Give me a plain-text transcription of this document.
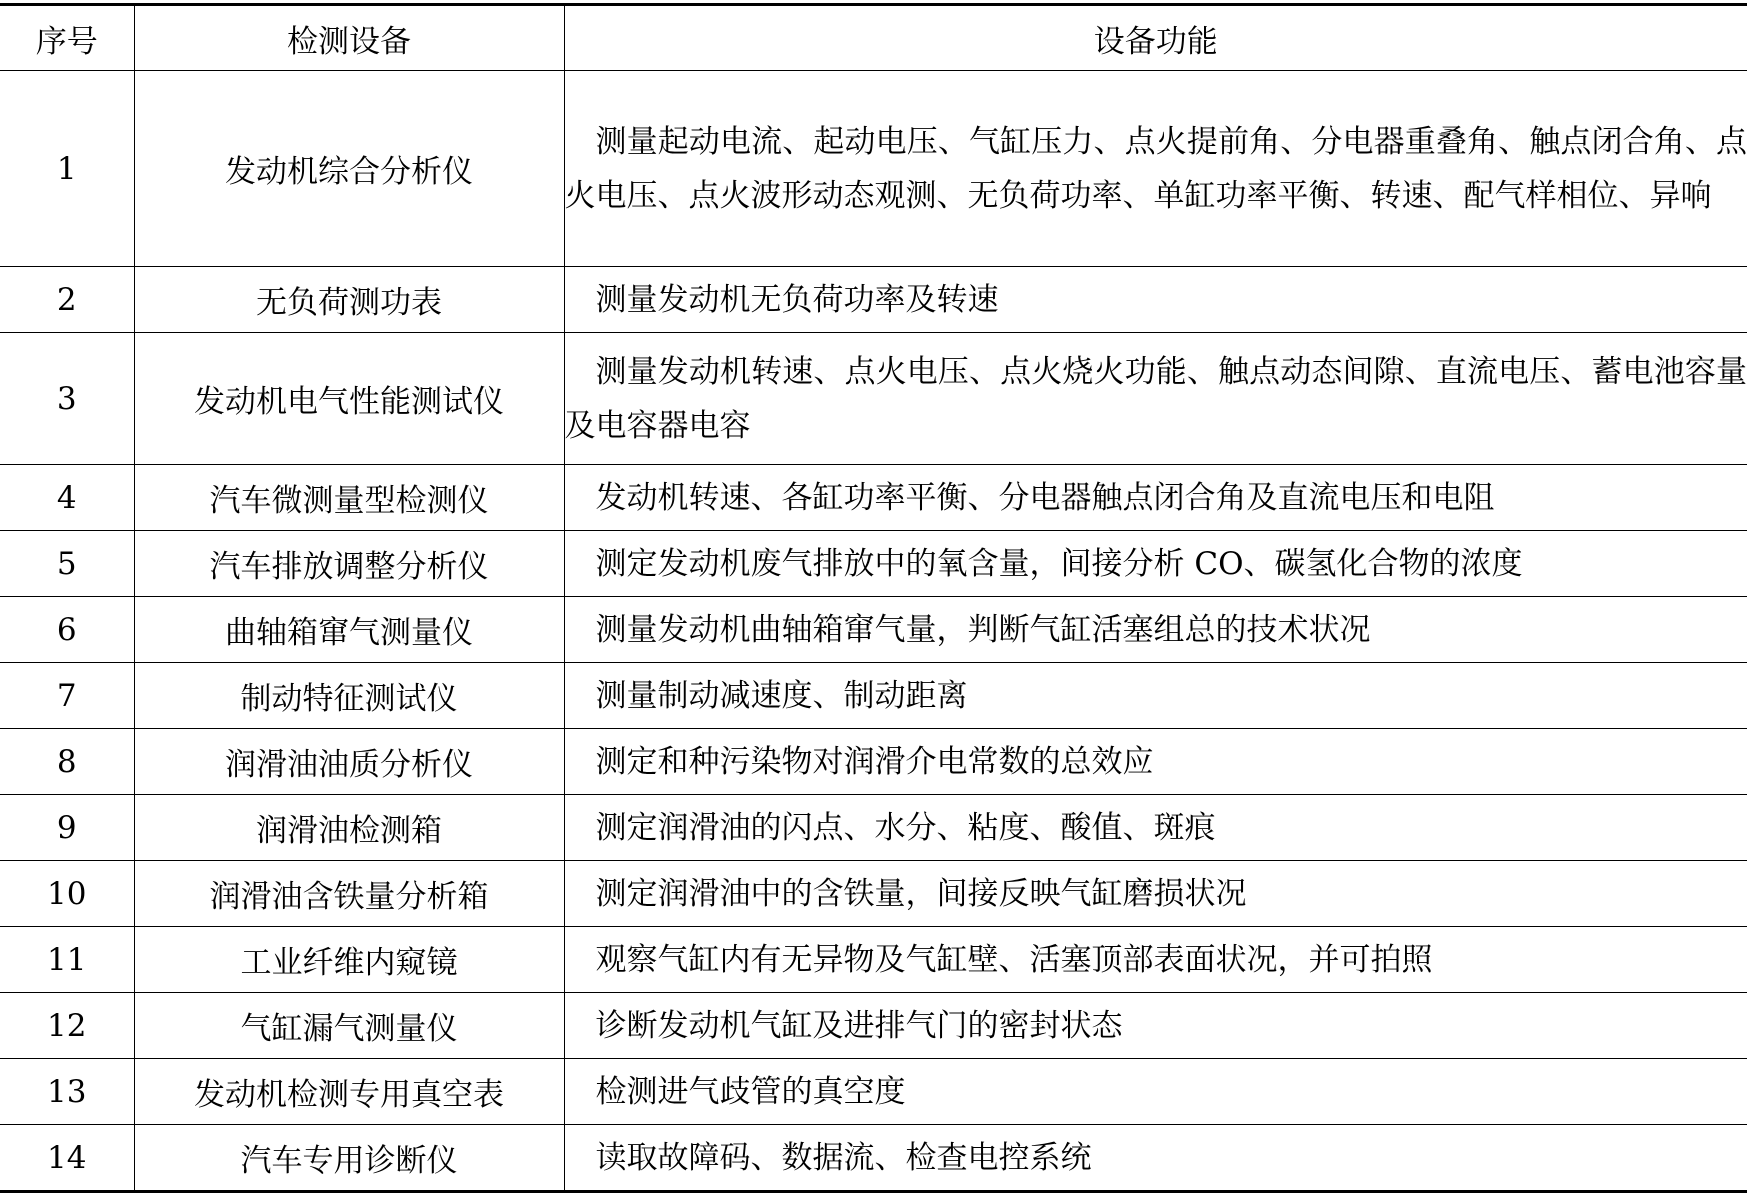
序号	检测设备	设备功能
1	发动机综合分析仪	测量起动电流、起动电压、气缸压力、点火提前角、分电器重叠角、触点闭合角、点火电压、点火波形动态观测、无负荷功率、单缸功率平衡、转速、配气样相位、异响
2	无负荷测功表	测量发动机无负荷功率及转速
3	发动机电气性能测试仪	测量发动机转速、点火电压、点火烧火功能、触点动态间隙、直流电压、蓄电池容量及电容器电容
4	汽车微测量型检测仪	发动机转速、各缸功率平衡、分电器触点闭合角及直流电压和电阻
5	汽车排放调整分析仪	测定发动机废气排放中的氧含量，间接分析 CO、碳氢化合物的浓度
6	曲轴箱窜气测量仪	测量发动机曲轴箱窜气量，判断气缸活塞组总的技术状况
7	制动特征测试仪	测量制动减速度、制动距离
8	润滑油油质分析仪	测定和种污染物对润滑介电常数的总效应
9	润滑油检测箱	测定润滑油的闪点、水分、粘度、酸值、斑痕
10	润滑油含铁量分析箱	测定润滑油中的含铁量，间接反映气缸磨损状况
11	工业纤维内窥镜	观察气缸内有无异物及气缸壁、活塞顶部表面状况，并可拍照
12	气缸漏气测量仪	诊断发动机气缸及进排气门的密封状态
13	发动机检测专用真空表	检测进气歧管的真空度
14	汽车专用诊断仪	读取故障码、数据流、检查电控系统
